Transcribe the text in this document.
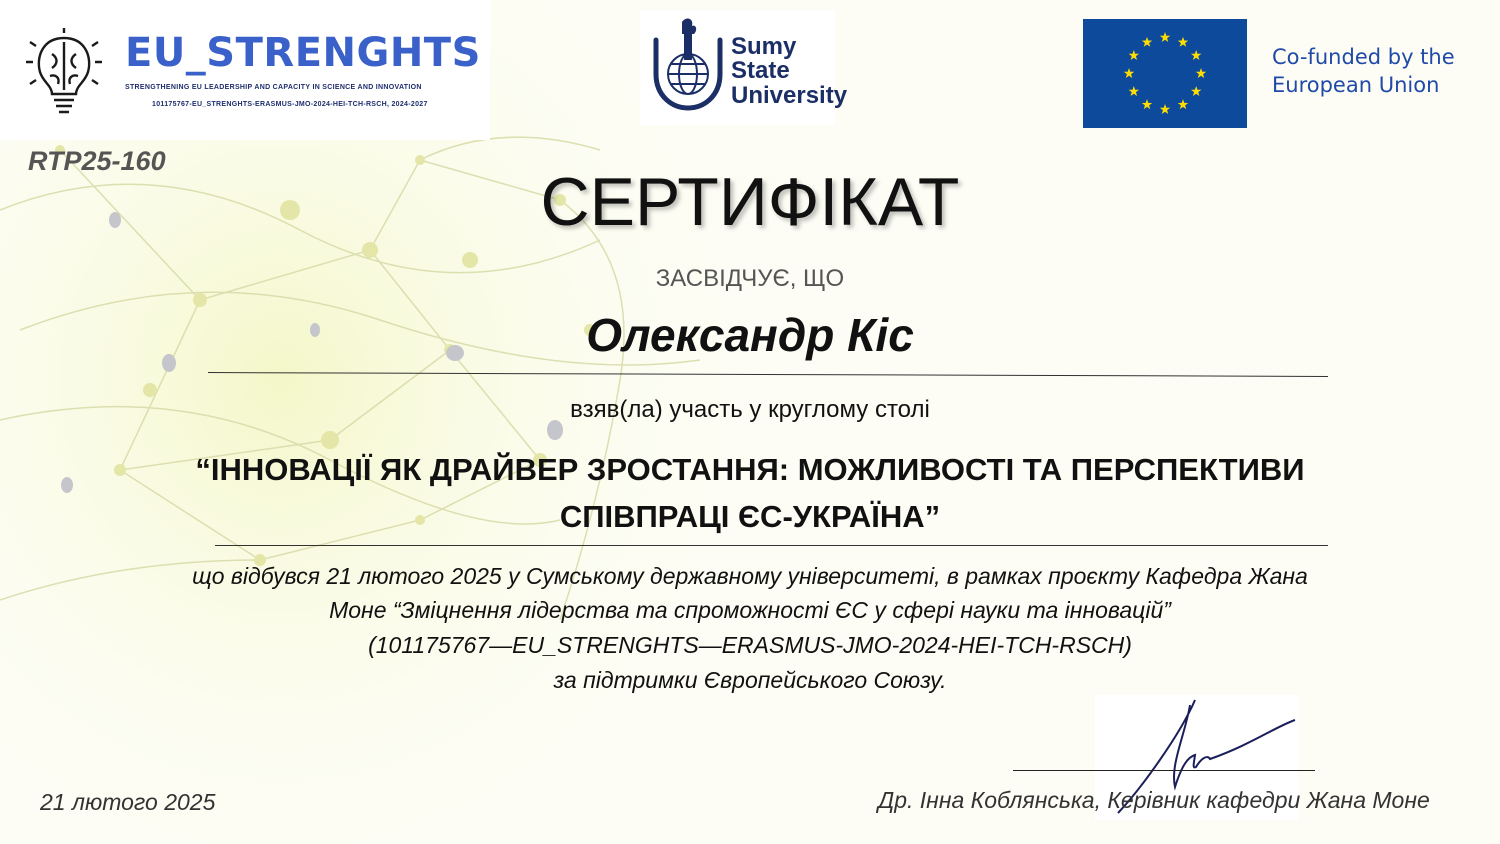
EU_STRENGHTS
STRENGTHENING EU LEADERSHIP AND CAPACITY IN SCIENCE AND INNOVATION
101175767-EU_STRENGHTS-ERASMUS-JMO-2024-HEI-TCH-RSCH, 2024-2027
Sumy
State
University
Co-funded by the
European Union
RTP25-160
СЕРТИФІКАТ
ЗАСВІДЧУЄ, ЩО
Олександр Кіс
взяв(ла) участь у круглому столі
“ІННОВАЦІЇ ЯК ДРАЙВЕР ЗРОСТАННЯ: МОЖЛИВОСТІ ТА ПЕРСПЕКТИВИ
СПІВПРАЦІ ЄС-УКРАЇНА”
що відбувся 21 лютого 2025 у Сумському державному університеті, в рамках проєкту Кафедра Жана
Моне “Зміцнення лідерства та спроможності ЄС у сфері науки та інновацій”
(101175767—EU_STRENGHTS—ERASMUS-JMO-2024-HEI-TCH-RSCH)
за підтримки Європейського Союзу.
21 лютого 2025	Др. Інна Коблянська, Керівник кафедри Жана Моне
